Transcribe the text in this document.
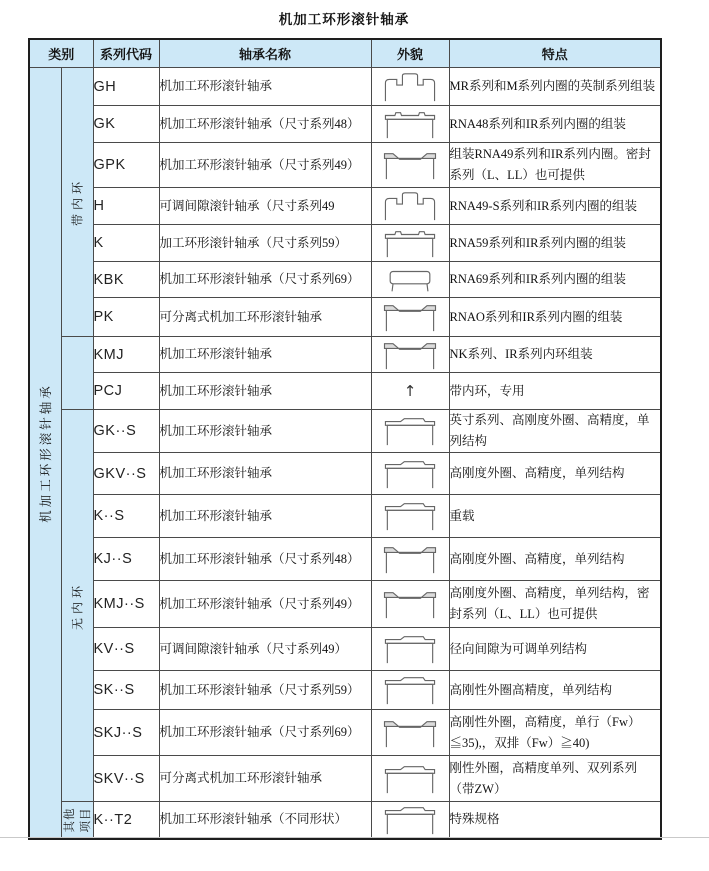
机加工环形滚针轴承
类别		系列代码	轴承名称	外貌	特点

机加工环形滚针轴承	带内环	GH	机加工环形滚针轴承		MR系列和M系列内圈的英制系列组装
		GK	机加工环形滚针轴承（尺寸系列48）		RNA48系列和IR系列内圈的组装
		GPK	机加工环形滚针轴承（尺寸系列49）		组装RNA49系列和IR系列内圈。密封系列（L、LL）也可提供
		H	可调间隙滚针轴承（尺寸系列49		RNA49-S系列和IR系列内圈的组装
		K	加工环形滚针轴承（尺寸系列59）		RNA59系列和IR系列内圈的组装
		KBK	机加工环形滚针轴承（尺寸系列69）		RNA69系列和IR系列内圈的组装
		PK	可分离式机加工环形滚针轴承		RNAO系列和IR系列内圈的组装
		KMJ	机加工环形滚针轴承		NK系列、IR系列内环组装
		PCJ	机加工环形滚针轴承	↑	带内环，专用

	无内环	GK··S	机加工环形滚针轴承		英寸系列、高刚度外圈、高精度，单列结构
		GKV··S	机加工环形滚针轴承		高刚度外圈、高精度，单列结构
		K··S	机加工环形滚针轴承		重载
		KJ··S	机加工环形滚针轴承（尺寸系列48）		高刚度外圈、高精度，单列结构
		KMJ··S	机加工环形滚针轴承（尺寸系列49）		高刚度外圈、高精度，单列结构，密封系列（L、LL）也可提供
		KV··S	可调间隙滚针轴承（尺寸系列49）		径向间隙为可调单列结构
		SK··S	机加工环形滚针轴承（尺寸系列59）		高刚性外圈高精度，单列结构
		SKJ··S	机加工环形滚针轴承（尺寸系列69）		高刚性外圈，高精度，单行（Fw）≦35),，双排（Fw）≧40)
		SKV··S	可分离式机加工环形滚针轴承		刚性外圈，高精度单列、双列系列（带ZW）

	其他 项目	K··T2	机加工环形滚针轴承（不同形状）		特殊规格
